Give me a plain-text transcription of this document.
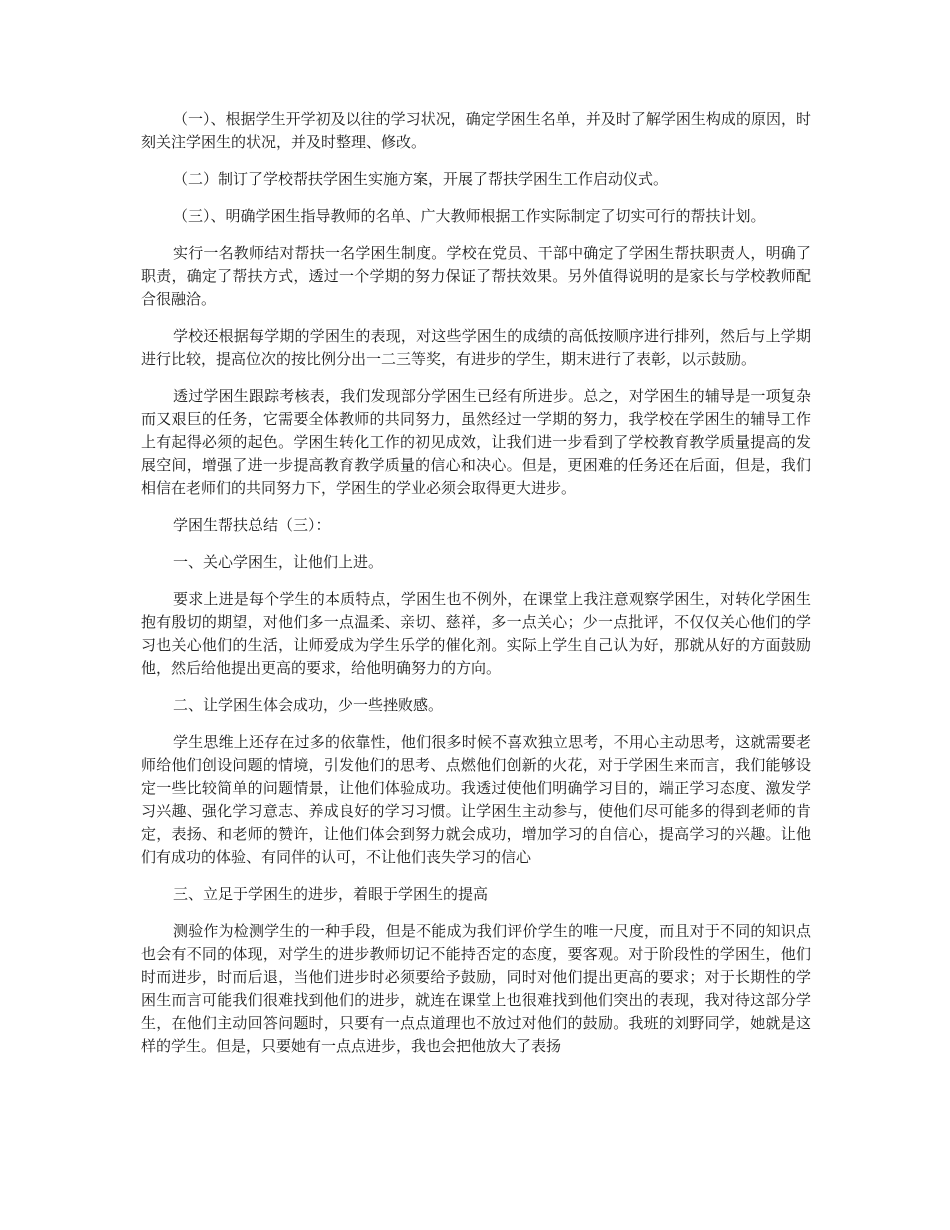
（一）、根据学生开学初及以往的学习状况，确定学困生名单，并及时了解学困生构成的原因，时刻关注学困生的状况，并及时整理、修改。

（二）制订了学校帮扶学困生实施方案，开展了帮扶学困生工作启动仪式。

（三）、明确学困生指导教师的名单、广大教师根据工作实际制定了切实可行的帮扶计划。

实行一名教师结对帮扶一名学困生制度。学校在党员、干部中确定了学困生帮扶职责人，明确了职责，确定了帮扶方式，透过一个学期的努力保证了帮扶效果。另外值得说明的是家长与学校教师配合很融洽。

学校还根据每学期的学困生的表现，对这些学困生的成绩的高低按顺序进行排列，然后与上学期进行比较，提高位次的按比例分出一二三等奖，有进步的学生，期末进行了表彰，以示鼓励。

透过学困生跟踪考核表，我们发现部分学困生已经有所进步。总之，对学困生的辅导是一项复杂而又艰巨的任务，它需要全体教师的共同努力，虽然经过一学期的努力，我学校在学困生的辅导工作上有起得必须的起色。学困生转化工作的初见成效，让我们进一步看到了学校教育教学质量提高的发展空间，增强了进一步提高教育教学质量的信心和决心。但是，更困难的任务还在后面，但是，我们相信在老师们的共同努力下，学困生的学业必须会取得更大进步。

学困生帮扶总结（三）：

一、关心学困生，让他们上进。

要求上进是每个学生的本质特点，学困生也不例外，在课堂上我注意观察学困生，对转化学困生抱有殷切的期望，对他们多一点温柔、亲切、慈祥，多一点关心；少一点批评，不仅仅关心他们的学习也关心他们的生活，让师爱成为学生乐学的催化剂。实际上学生自己认为好，那就从好的方面鼓励他，然后给他提出更高的要求，给他明确努力的方向。

二、让学困生体会成功，少一些挫败感。

学生思维上还存在过多的依靠性，他们很多时候不喜欢独立思考，不用心主动思考，这就需要老师给他们创设问题的情境，引发他们的思考、点燃他们创新的火花，对于学困生来而言，我们能够设定一些比较简单的问题情景，让他们体验成功。我透过使他们明确学习目的，端正学习态度、激发学习兴趣、强化学习意志、养成良好的学习习惯。让学困生主动参与，使他们尽可能多的得到老师的肯定，表扬、和老师的赞许，让他们体会到努力就会成功，增加学习的自信心，提高学习的兴趣。让他们有成功的体验、有同伴的认可，不让他们丧失学习的信心

三、立足于学困生的进步，着眼于学困生的提高

测验作为检测学生的一种手段，但是不能成为我们评价学生的唯一尺度，而且对于不同的知识点也会有不同的体现，对学生的进步教师切记不能持否定的态度，要客观。对于阶段性的学困生，他们时而进步，时而后退，当他们进步时必须要给予鼓励，同时对他们提出更高的要求；对于长期性的学困生而言可能我们很难找到他们的进步，就连在课堂上也很难找到他们突出的表现，我对待这部分学生，在他们主动回答问题时，只要有一点点道理也不放过对他们的鼓励。我班的刘野同学，她就是这样的学生。但是，只要她有一点点进步，我也会把他放大了表扬
